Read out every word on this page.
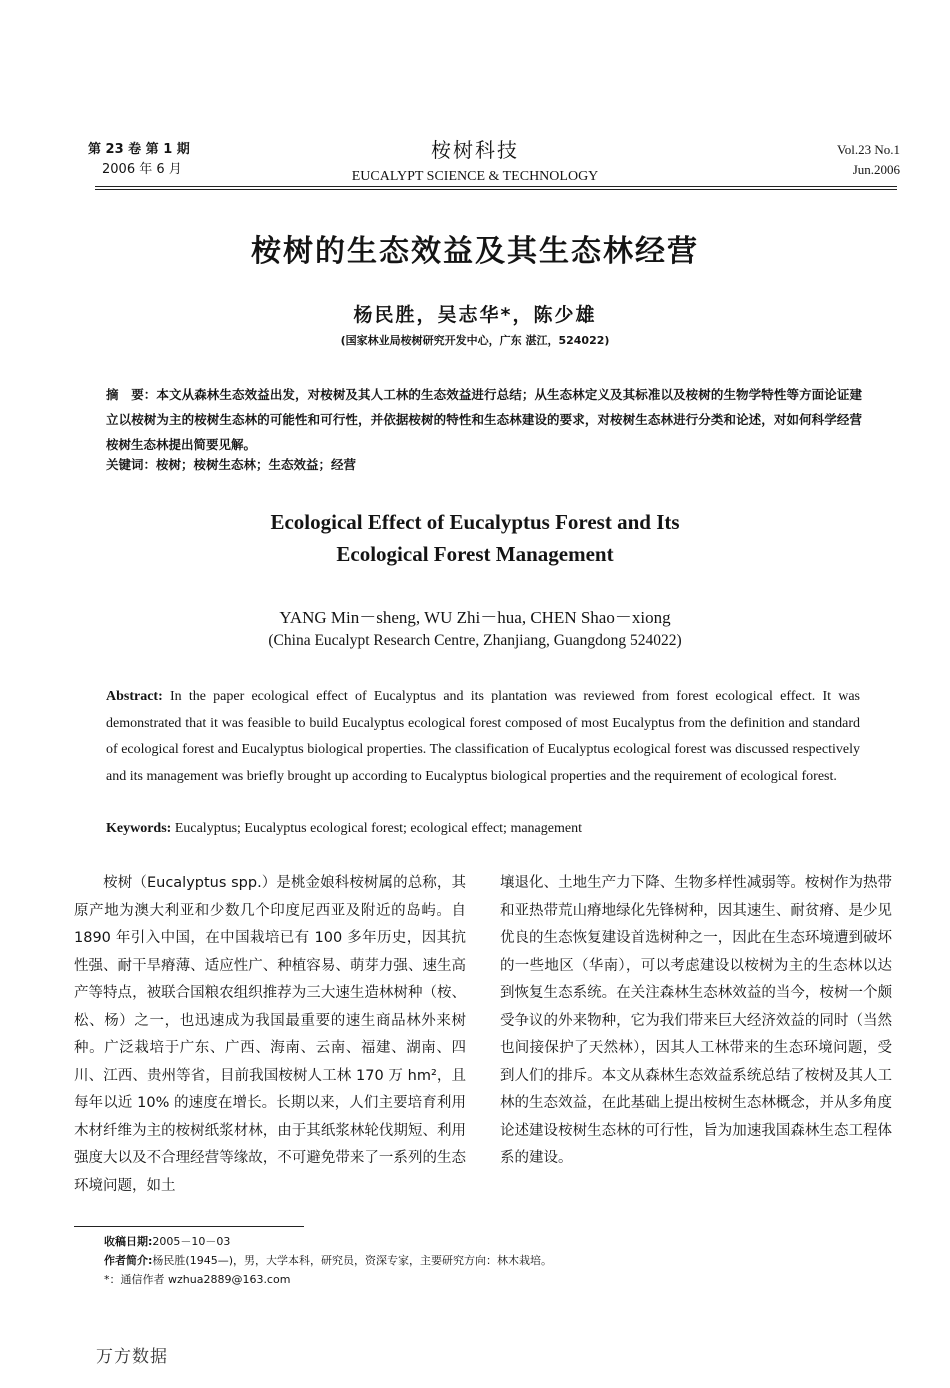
第 23 卷 第 1 期
2006 年 6 月
桉树科技
EUCALYPT SCIENCE & TECHNOLOGY
Vol.23 No.1
Jun.2006
桉树的生态效益及其生态林经营
杨民胜，吴志华*，陈少雄
(国家林业局桉树研究开发中心，广东 湛江，524022)
摘　要：本文从森林生态效益出发，对桉树及其人工林的生态效益进行总结；从生态林定义及其标准以及桉树的生物学特性等方面论证建立以桉树为主的桉树生态林的可能性和可行性，并依据桉树的特性和生态林建设的要求，对桉树生态林进行分类和论述，对如何科学经营桉树生态林提出简要见解。
关键词：桉树；桉树生态林；生态效益；经营
Ecological Effect of Eucalyptus Forest and Its
Ecological Forest Management
YANG Min－sheng, WU Zhi－hua, CHEN Shao－xiong
(China Eucalypt Research Centre, Zhanjiang, Guangdong 524022)
Abstract: In the paper ecological effect of Eucalyptus and its plantation was reviewed from forest ecological effect. It was demonstrated that it was feasible to build Eucalyptus ecological forest composed of most Eucalyptus from the definition and standard of ecological forest and Eucalyptus biological properties. The classification of Eucalyptus ecological forest was discussed respectively and its management was briefly brought up according to Eucalyptus biological properties and the requirement of ecological forest.
Keywords: Eucalyptus; Eucalyptus ecological forest; ecological effect; management
　　桉树（Eucalyptus spp.）是桃金娘科桉树属的总称，其原产地为澳大利亚和少数几个印度尼西亚及附近的岛屿。自 1890 年引入中国，在中国栽培已有 100 多年历史，因其抗性强、耐干旱瘠薄、适应性广、种植容易、萌芽力强、速生高产等特点，被联合国粮农组织推荐为三大速生造林树种（桉、松、杨）之一，也迅速成为我国最重要的速生商品林外来树种。广泛栽培于广东、广西、海南、云南、福建、湖南、四川、江西、贵州等省，目前我国桉树人工林 170 万 hm²，且每年以近 10% 的速度在增长。长期以来，人们主要培育利用木材纤维为主的桉树纸浆材林，由于其纸浆林轮伐期短、利用强度大以及不合理经营等缘故，不可避免带来了一系列的生态环境问题，如土
壤退化、土地生产力下降、生物多样性减弱等。桉树作为热带和亚热带荒山瘠地绿化先锋树种，因其速生、耐贫瘠、是少见优良的生态恢复建设首选树种之一，因此在生态环境遭到破坏的一些地区（华南），可以考虑建设以桉树为主的生态林以达到恢复生态系统。在关注森林生态林效益的当今，桉树一个颇受争议的外来物种，它为我们带来巨大经济效益的同时（当然也间接保护了天然林），因其人工林带来的生态环境问题，受到人们的排斥。本文从森林生态效益系统总结了桉树及其人工林的生态效益，在此基础上提出桉树生态林概念，并从多角度论述建设桉树生态林的可行性，旨为加速我国森林生态工程体系的建设。
收稿日期:2005－10－03
作者简介:杨民胜(1945—)，男，大学本科，研究员，资深专家，主要研究方向：林木栽培。
*：通信作者 wzhua2889@163.com
万方数据
